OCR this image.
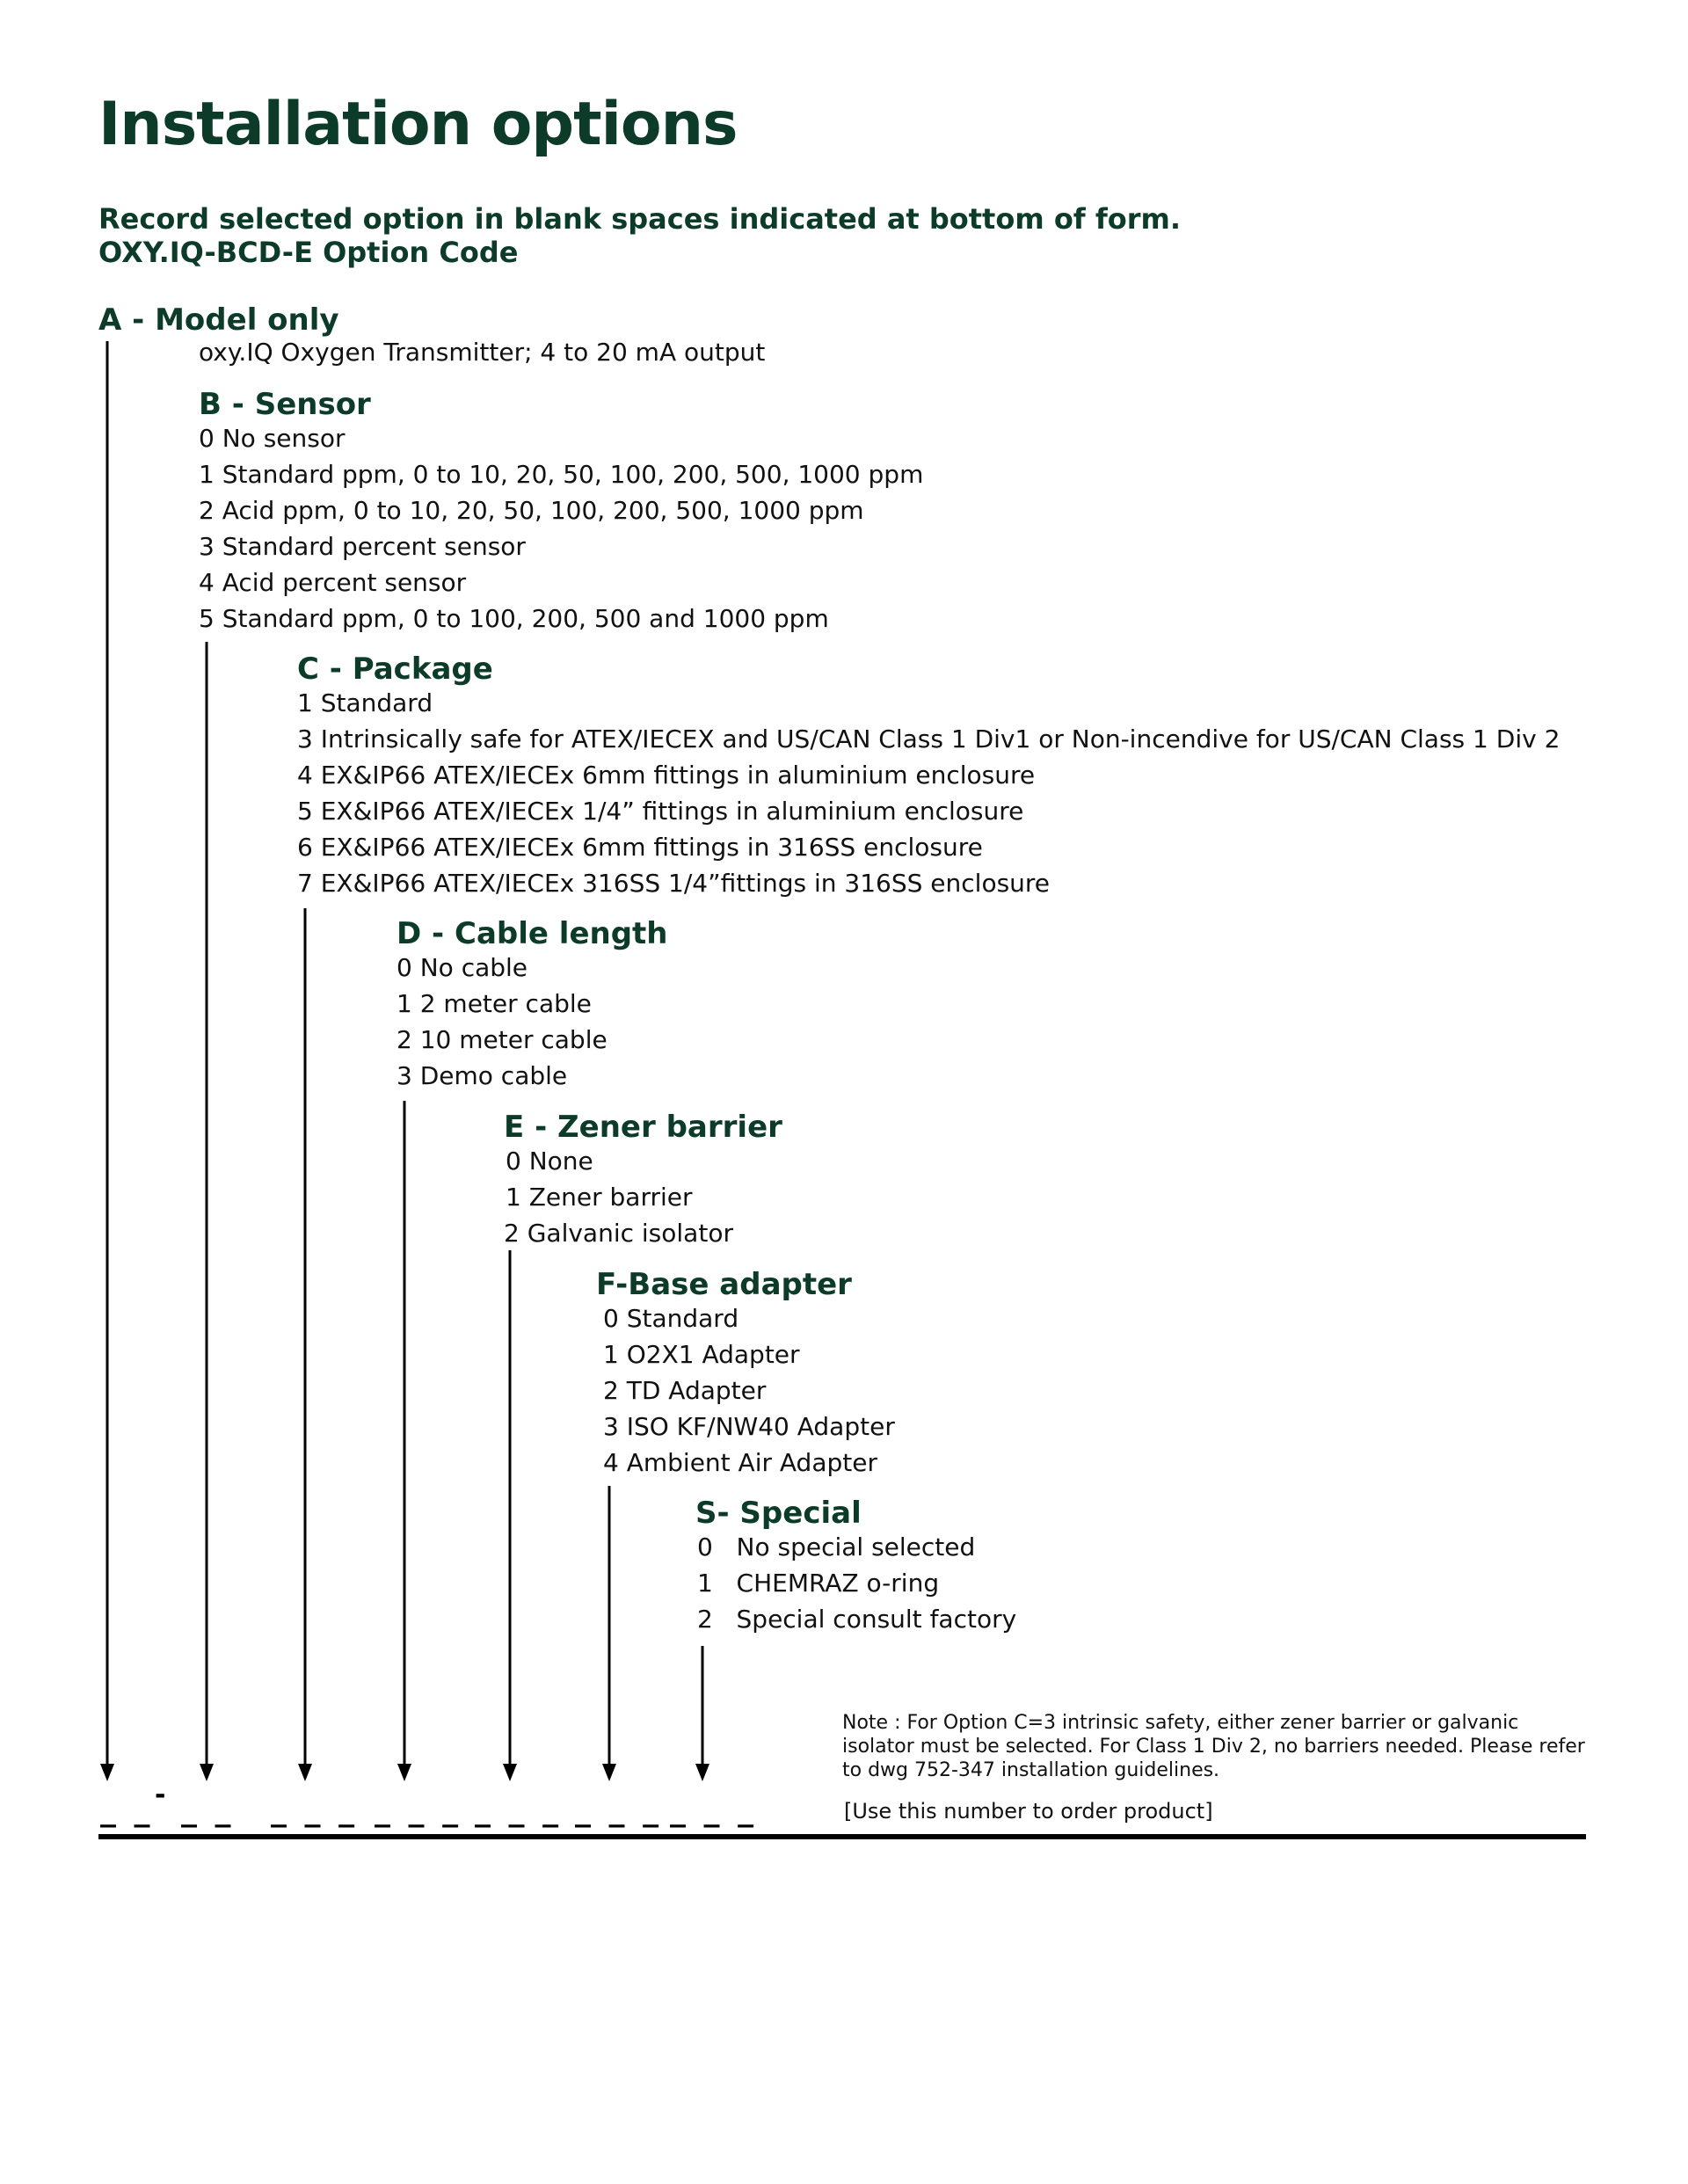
Installation options
Record selected option in blank spaces indicated at bottom of form.
OXY.IQ-BCD-E Option Code
A - Model only
oxy.IQ Oxygen Transmitter; 4 to 20 mA output
B - Sensor
0 No sensor
1 Standard ppm, 0 to 10, 20, 50, 100, 200, 500, 1000 ppm
2 Acid ppm, 0 to 10, 20, 50, 100, 200, 500, 1000 ppm
3 Standard percent sensor
4 Acid percent sensor
5 Standard ppm, 0 to 100, 200, 500 and 1000 ppm
C - Package
1 Standard
3 Intrinsically safe for ATEX/IECEX and US/CAN Class 1 Div1 or Non-incendive for US/CAN Class 1 Div 2
4 EX&IP66 ATEX/IECEx 6mm fittings in aluminium enclosure
5 EX&IP66 ATEX/IECEx 1/4” fittings in aluminium enclosure
6 EX&IP66 ATEX/IECEx 6mm fittings in 316SS enclosure
7 EX&IP66 ATEX/IECEx 316SS 1/4”fittings in 316SS enclosure
D - Cable length
0 No cable
1 2 meter cable
2 10 meter cable
3 Demo cable
E - Zener barrier
0 None
1 Zener barrier
2 Galvanic isolator
F-Base adapter
0 Standard
1 O2X1 Adapter
2 TD Adapter
3 ISO KF/NW40 Adapter
4 Ambient Air Adapter
S- Special
0   No special selected
1   CHEMRAZ o-ring
2   Special consult factory
_ _ - _ _ _ _ _ _ _ _ _ _ _ _ _ _ _ _ _
Note : For Option C=3 intrinsic safety, either zener barrier or galvanic isolator must be selected. For Class 1 Div 2, no barriers needed. Please refer to dwg 752-347 installation guidelines.
[Use this number to order product]
